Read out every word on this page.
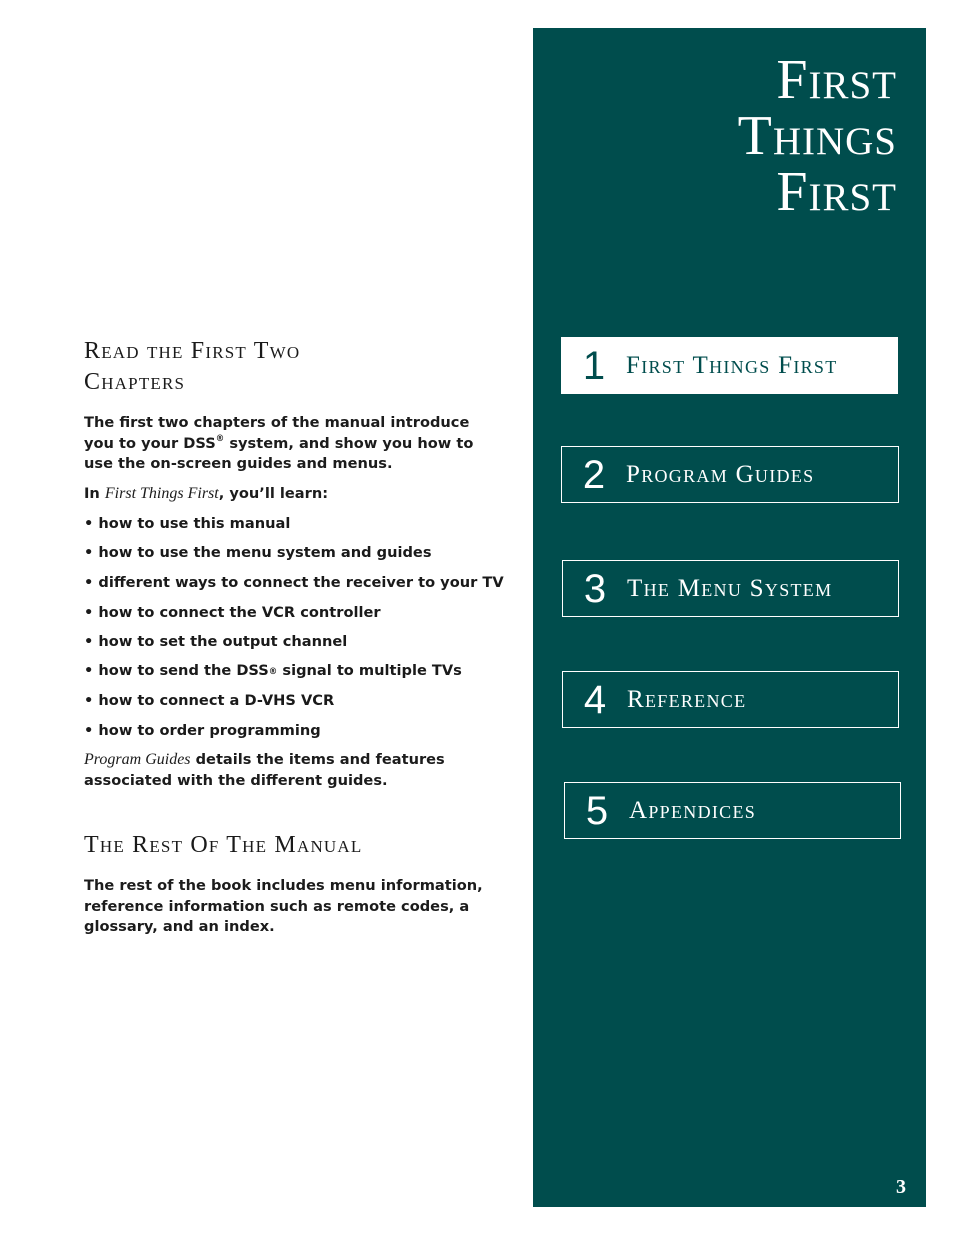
Read the First Two
Chapters

The first two chapters of the manual introduce you to your DSS® system, and show you how to use the on-screen guides and menus.

In First Things First, you’ll learn:

• how to use this manual

• how to use the menu system and guides

• different ways to connect the receiver to your TV

• how to connect the VCR controller

• how to set the output channel

• how to send the DSS® signal to multiple TVs

• how to connect a D-VHS VCR

• how to order programming

Program Guides details the items and features associated with the different guides.

The Rest Of The Manual

The rest of the book includes menu information, reference information such as remote codes, a glossary, and an index.

First
Things
First
1 First Things First
2 Program Guides
3 The Menu System
4 Reference
5 Appendices
3
